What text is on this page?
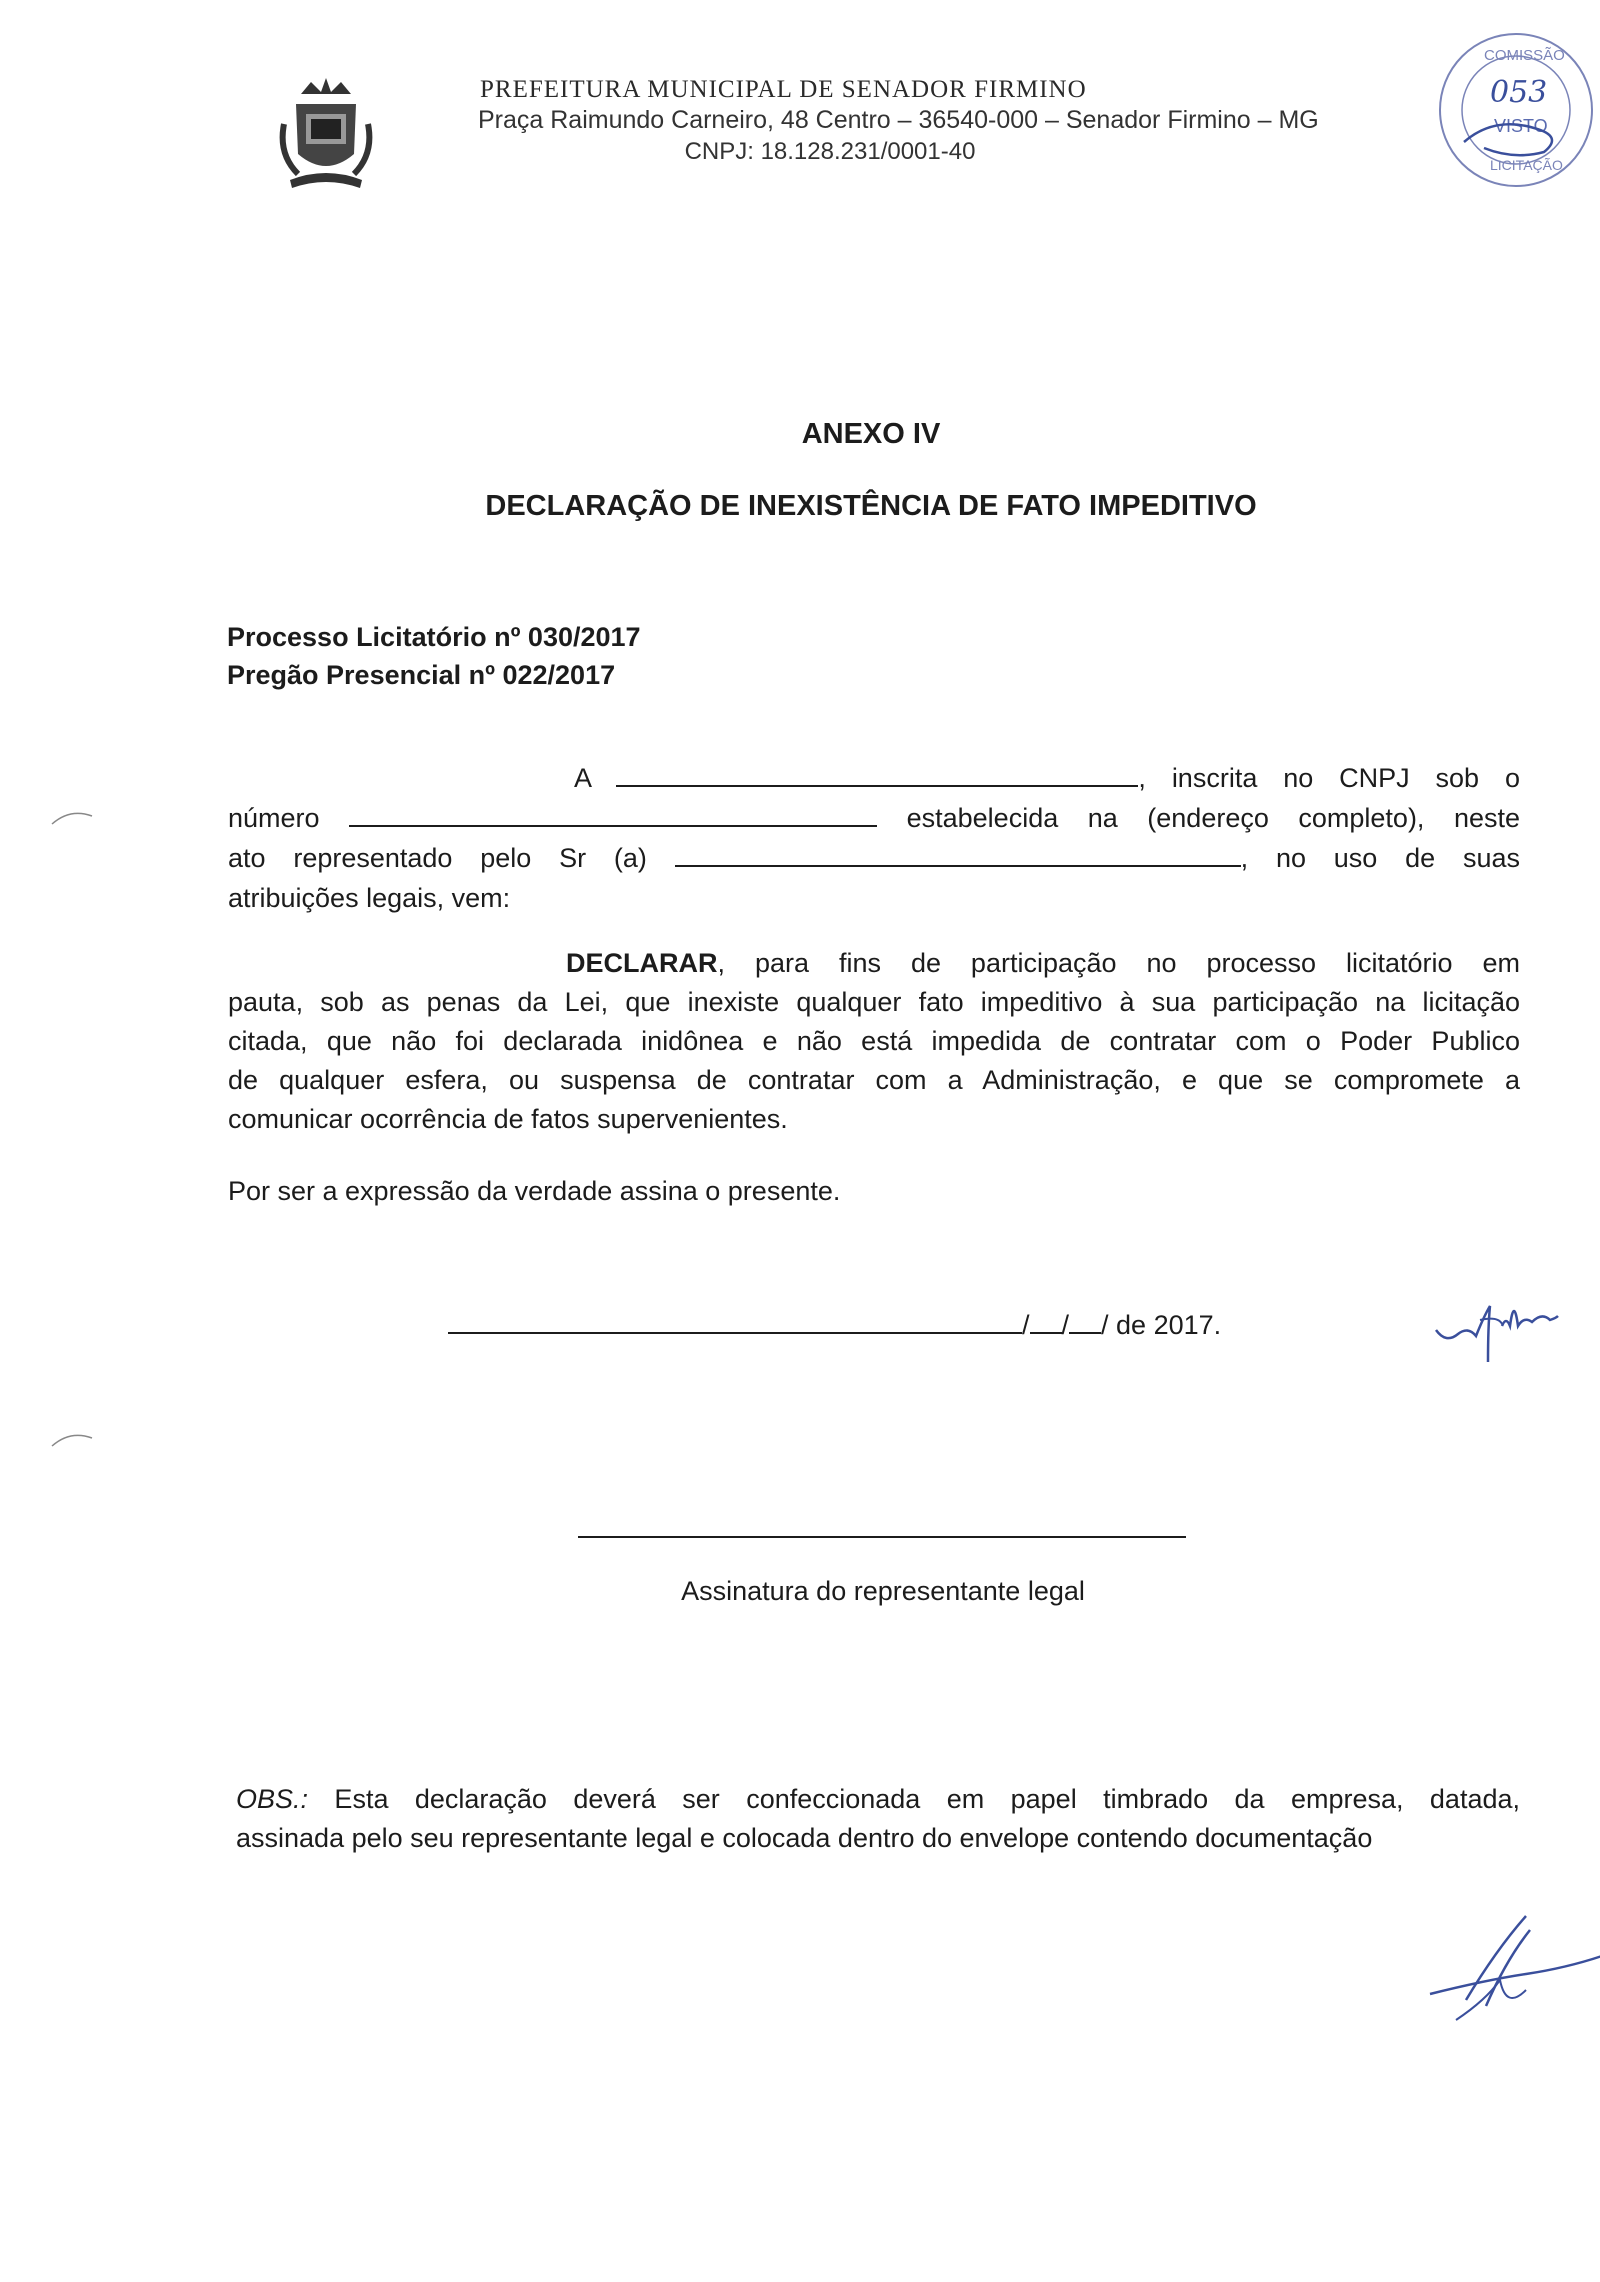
PREFEITURA MUNICIPAL DE SENADOR FIRMINO
Praça Raimundo Carneiro, 48 Centro – 36540-000 – Senador Firmino – MG
CNPJ: 18.128.231/0001-40
COMISSÃO
053
VISTO
LICITAÇÃO
ANEXO IV
DECLARAÇÃO DE INEXISTÊNCIA DE FATO IMPEDITIVO
Processo Licitatório nº 030/2017
Pregão Presencial nº 022/2017
A	, inscrita no CNPJ sob o
número	estabelecida na (endereço completo), neste
ato representado pelo Sr (a)	, no uso de suas
atribuições legais, vem:
DECLARAR, para fins de participação no processo licitatório em
pauta, sob as penas da Lei, que inexiste qualquer fato impeditivo à sua participação na licitação
citada, que não foi declarada inidônea e não está impedida de contratar com o Poder Publico
de qualquer esfera, ou suspensa de contratar com a Administração, e que se compromete a
comunicar ocorrência de fatos supervenientes.
Por ser a expressão da verdade assina o presente.
/ / / de 2017.
Assinatura do representante legal
OBS.: Esta declaração deverá ser confeccionada em papel timbrado da empresa, datada,
assinada pelo seu representante legal e colocada dentro do envelope contendo documentação
